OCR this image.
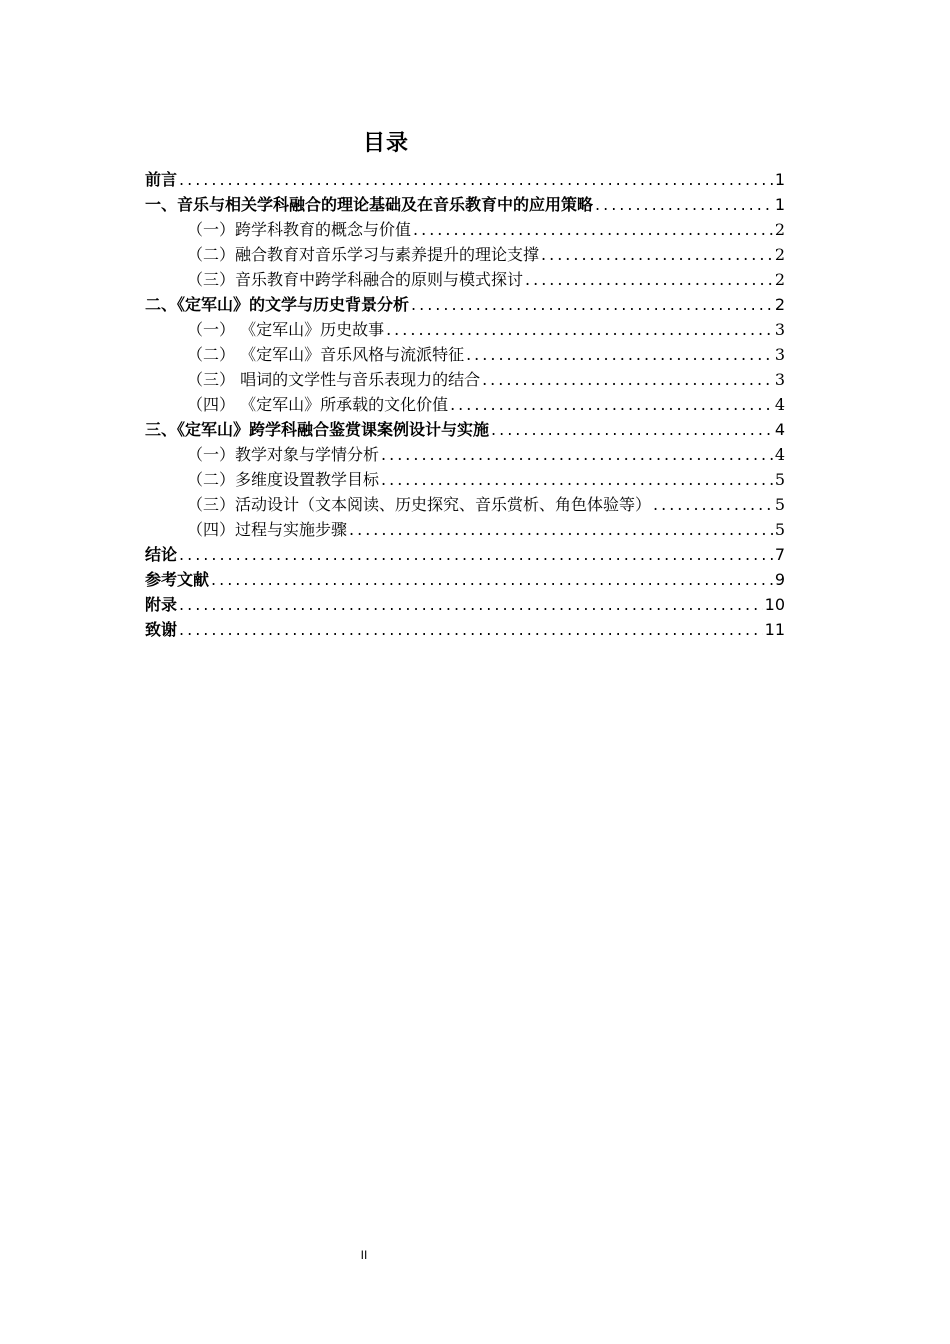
目录
前言 .....	1
一、音乐与相关学科融合的理论基础及在音乐教育中的应用策略 .....	1
（一）跨学科教育的概念与价值 .....	2
（二）融合教育对音乐学习与素养提升的理论支撑 .....	2
（三）音乐教育中跨学科融合的原则与模式探讨 .....	2
二、《定军山》的文学与历史背景分析 .....	2
（一） 《定军山》历史故事 .....	3
（二） 《定军山》音乐风格与流派特征 .....	3
（三） 唱词的文学性与音乐表现力的结合 .....	3
（四） 《定军山》所承载的文化价值 .....	4
三、《定军山》跨学科融合鉴赏课案例设计与实施 .....	4
（一）教学对象与学情分析 .....	4
（二）多维度设置教学目标 .....	5
（三）活动设计（文本阅读、历史探究、音乐赏析、角色体验等） .....	5
（四）过程与实施步骤 .....	5
结论 .....	7
参考文献 .....	9
附录 .....	10
致谢 .....	11
II
